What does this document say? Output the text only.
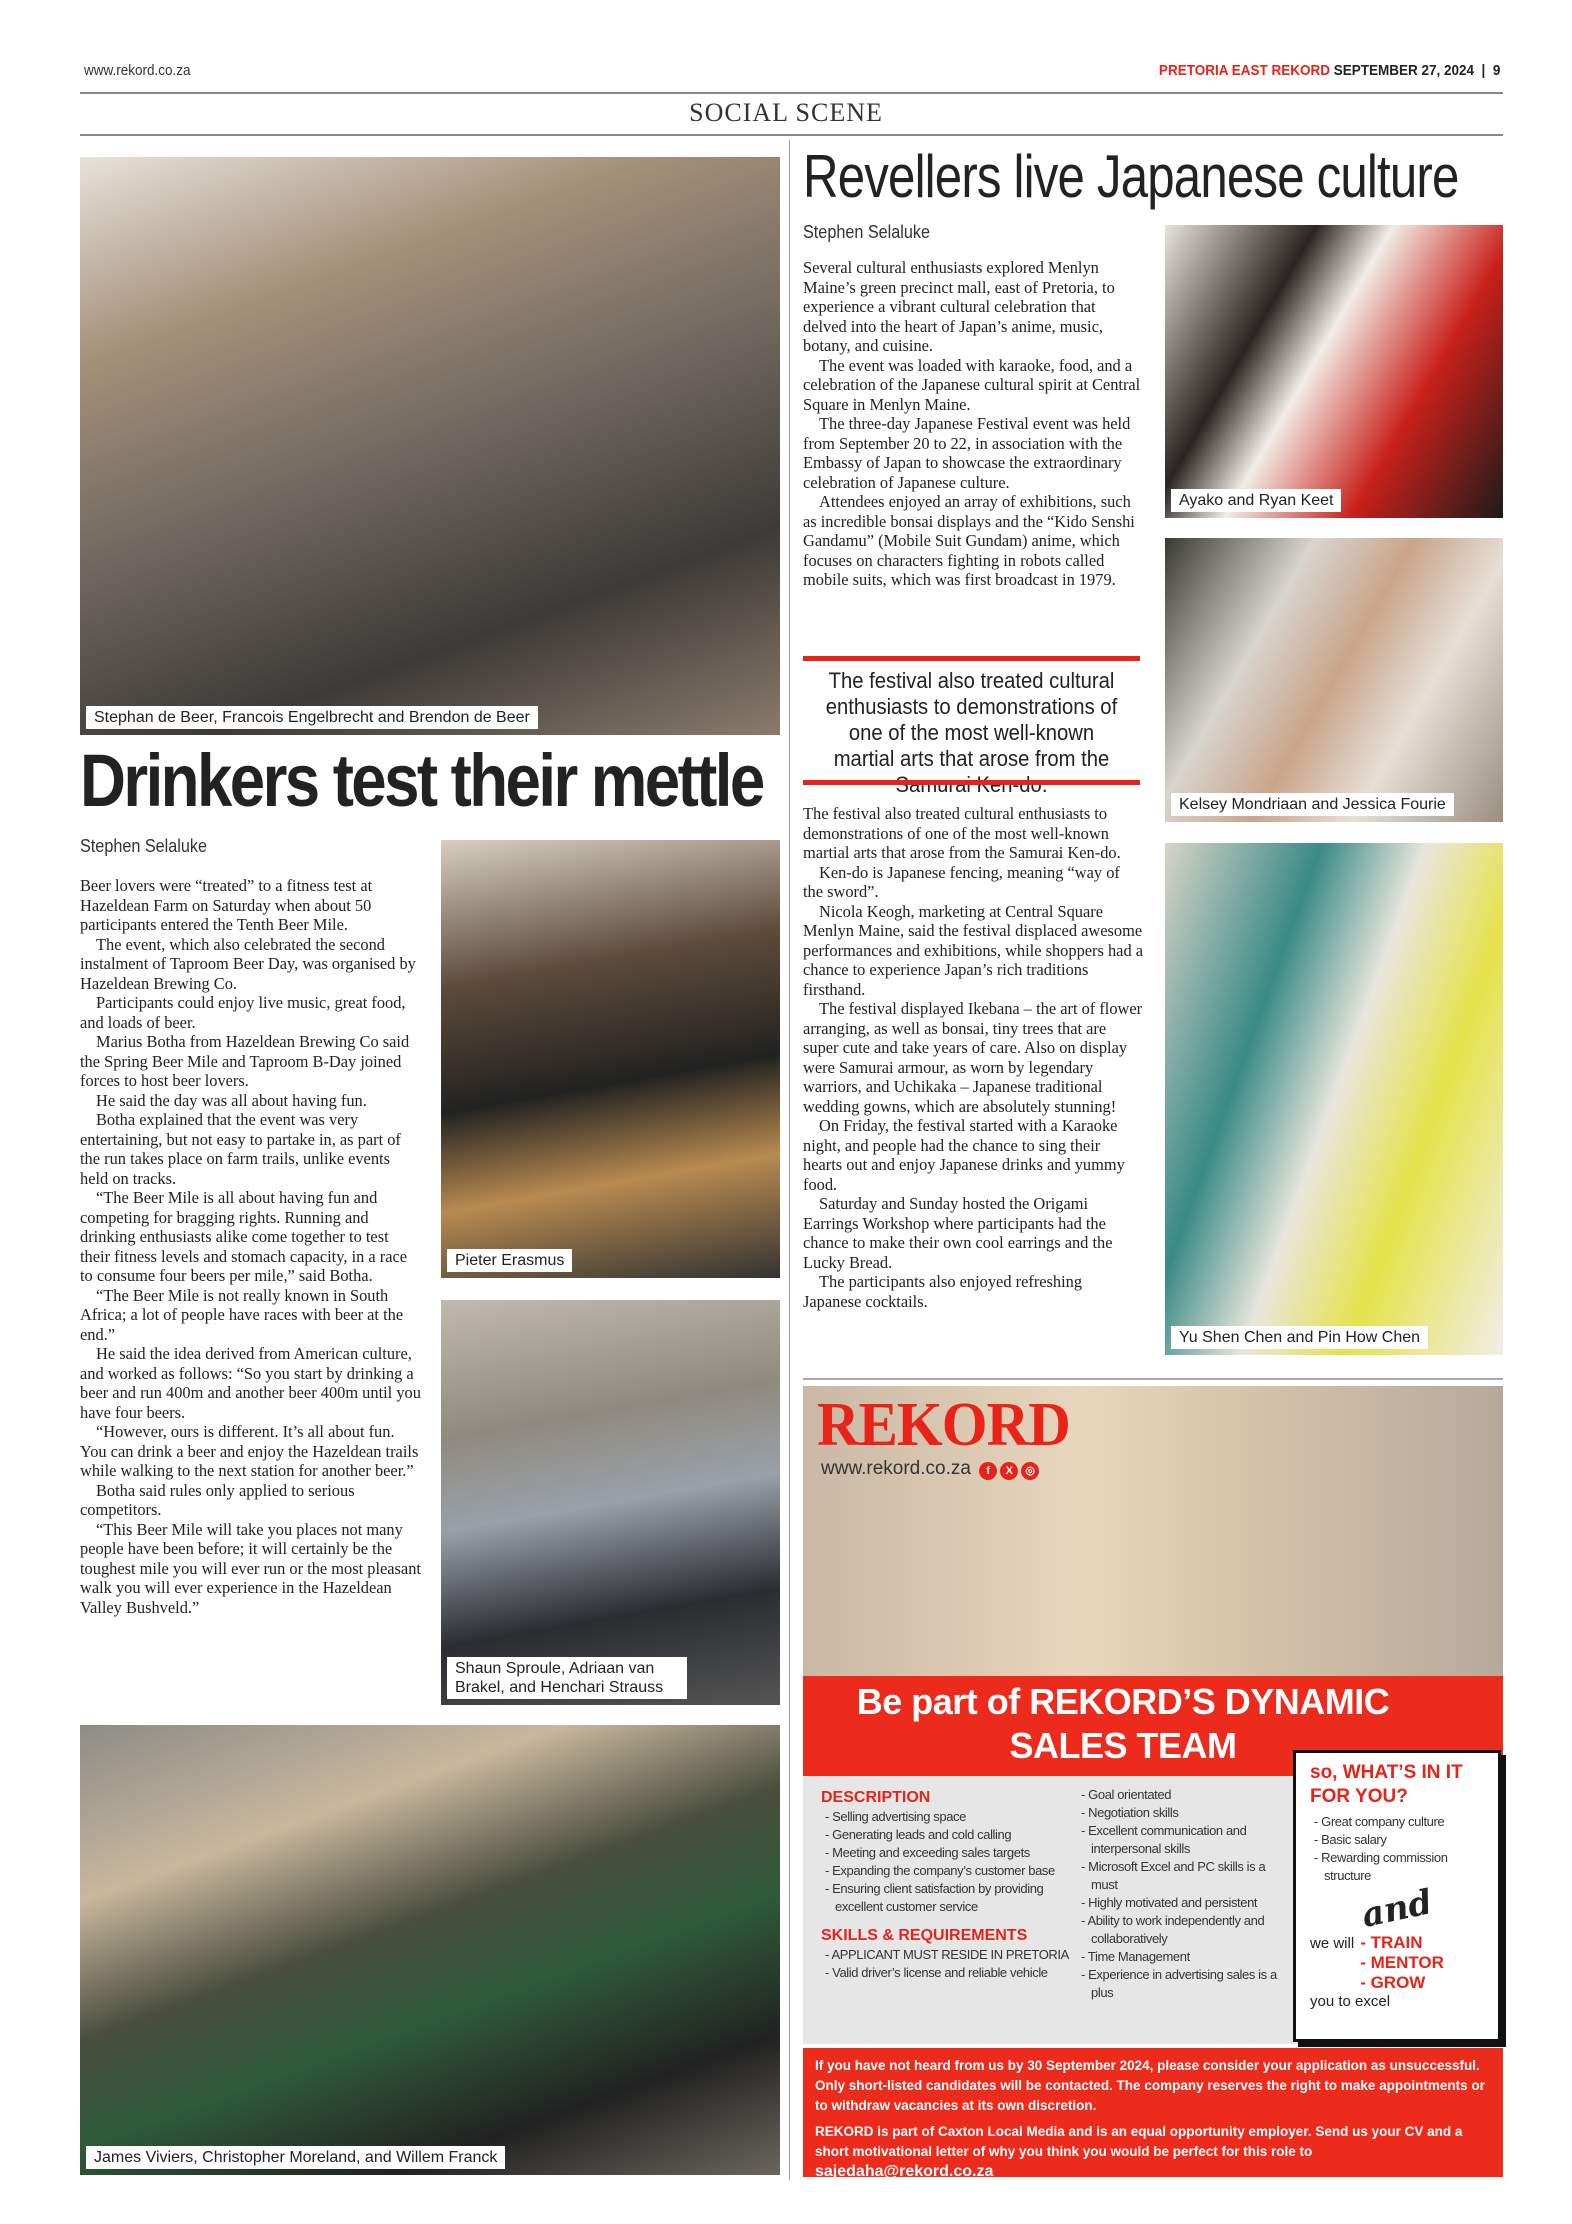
www.rekord.co.za	PRETORIA EAST REKORD SEPTEMBER 27, 2024 | 9
SOCIAL SCENE
Stephan de Beer, Francois Engelbrecht and Brendon de Beer
Drinkers test their mettle
Stephen Selaluke

Beer lovers were “treated” to a fitness test at Hazeldean Farm on Saturday when about 50 participants entered the Tenth Beer Mile.

The event, which also celebrated the second instalment of Taproom Beer Day, was organised by Hazeldean Brewing Co.

Participants could enjoy live music, great food, and loads of beer.

Marius Botha from Hazeldean Brewing Co said the Spring Beer Mile and Taproom B-Day joined forces to host beer lovers.

He said the day was all about having fun.

Botha explained that the event was very entertaining, but not easy to partake in, as part of the run takes place on farm trails, unlike events held on tracks.

“The Beer Mile is all about having fun and competing for bragging rights. Running and drinking enthusiasts alike come together to test their fitness levels and stomach capacity, in a race to consume four beers per mile,” said Botha.

“The Beer Mile is not really known in South Africa; a lot of people have races with beer at the end.”

He said the idea derived from American culture, and worked as follows: “So you start by drinking a beer and run 400m and another beer 400m until you have four beers.

“However, ours is different. It’s all about fun. You can drink a beer and enjoy the Hazeldean trails while walking to the next station for another beer.”

Botha said rules only applied to serious competitors.

“This Beer Mile will take you places not many people have been before; it will certainly be the toughest mile you will ever run or the most pleasant walk you will ever experience in the Hazeldean Valley Bushveld.”

Pieter Erasmus
Shaun Sproule, Adriaan van Brakel, and Henchari Strauss
James Viviers, Christopher Moreland, and Willem Franck
Revellers live Japanese culture
Stephen Selaluke

Several cultural enthusiasts explored Menlyn Maine’s green precinct mall, east of Pretoria, to experience a vibrant cultural celebration that delved into the heart of Japan’s anime, music, botany, and cuisine.

The event was loaded with karaoke, food, and a celebration of the Japanese cultural spirit at Central Square in Menlyn Maine.

The three-day Japanese Festival event was held from September 20 to 22, in association with the Embassy of Japan to showcase the extraordinary celebration of Japanese culture.

Attendees enjoyed an array of exhibitions, such as incredible bonsai displays and the “Kido Senshi Gandamu” (Mobile Suit Gundam) anime, which focuses on characters fighting in robots called mobile suits, which was first broadcast in 1979.

The festival also treated cultural enthusiasts to demonstrations of one of the most well-known martial arts that arose from the

The festival also treated cultural enthusiasts to demonstrations of one of the most well-known martial arts that arose from the Samurai Ken-do.

Ken-do is Japanese fencing, meaning “way of the sword”.

Nicola Keogh, marketing at Central Square Menlyn Maine, said the festival displaced awesome performances and exhibitions, while shoppers had a chance to experience Japan’s rich traditions firsthand.

The festival displayed Ikebana – the art of flower arranging, as well as bonsai, tiny trees that are super cute and take years of care. Also on display were Samurai armour, as worn by legendary warriors, and Uchikaka – Japanese traditional wedding gowns, which are absolutely stunning!

On Friday, the festival started with a Karaoke night, and people had the chance to sing their hearts out and enjoy Japanese drinks and yummy food.

Saturday and Sunday hosted the Origami Earrings Workshop where participants had the chance to make their own cool earrings and the Lucky Bread.

The participants also enjoyed refreshing Japanese cocktails.

Ayako and Ryan Keet
Kelsey Mondriaan and Jessica Fourie
Yu Shen Chen and Pin How Chen
REKORD
www.rekord.co.za f X ◎
Be part of REKORD’S DYNAMIC SALES TEAM
DESCRIPTION
- Selling advertising space
- Generating leads and cold calling
- Meeting and exceeding sales targets
- Expanding the company’s customer base
- Ensuring client satisfaction by providing excellent customer service
SKILLS & REQUIREMENTS
- APPLICANT MUST RESIDE IN PRETORIA
- Valid driver’s license and reliable vehicle
- Goal orientated
- Negotiation skills
- Excellent communication and interpersonal skills
- Microsoft Excel and PC skills is a must
- Highly motivated and persistent
- Ability to work independently and collaboratively
- Time Management
- Experience in advertising sales is a plus
so, WHAT’S IN IT FOR YOU?
- Great company culture
- Basic salary
- Rewarding commission structure
and
we will - TRAIN
- MENTOR
- GROW
you to excel
If you have not heard from us by 30 September 2024, please consider your application as unsuccessful. Only short-listed candidates will be contacted. The company reserves the right to make appointments or to withdraw vacancies at its own discretion.
REKORD is part of Caxton Local Media and is an equal opportunity employer. Send us your CV and a short motivational letter of why you think you would be perfect for this role to sajedaha@rekord.co.za
